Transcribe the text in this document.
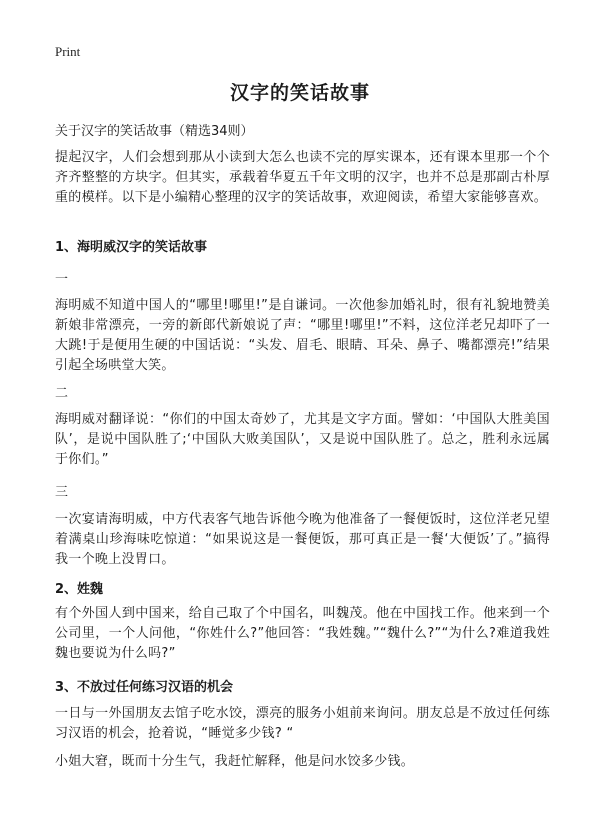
Print
汉字的笑话故事
关于汉字的笑话故事（精选34则）

提起汉字，人们会想到那从小读到大怎么也读不完的厚实课本，还有课本里那一个个齐齐整整的方块字。但其实，承载着华夏五千年文明的汉字，也并不总是那副古朴厚重的模样。以下是小编精心整理的汉字的笑话故事，欢迎阅读，希望大家能够喜欢。

1、海明威汉字的笑话故事
一

海明威不知道中国人的“哪里!哪里!”是自谦词。一次他参加婚礼时，很有礼貌地赞美新娘非常漂亮，一旁的新郎代新娘说了声：“哪里!哪里!”不料，这位洋老兄却吓了一大跳!于是便用生硬的中国话说：“头发、眉毛、眼睛、耳朵、鼻子、嘴都漂亮!”结果引起全场哄堂大笑。

二

海明威对翻译说：“你们的中国太奇妙了，尤其是文字方面。譬如：‘中国队大胜美国队’，是说中国队胜了;‘中国队大败美国队’，又是说中国队胜了。总之，胜利永远属于你们。”

三

一次宴请海明威，中方代表客气地告诉他今晚为他准备了一餐便饭时，这位洋老兄望着满桌山珍海味吃惊道：“如果说这是一餐便饭，那可真正是一餐‘大便饭’了。”搞得我一个晚上没胃口。

2、姓魏

有个外国人到中国来，给自己取了个中国名，叫魏茂。他在中国找工作。他来到一个公司里，一个人问他，“你姓什么?”他回答：“我姓魏。”“魏什么?”“为什么?难道我姓魏也要说为什么吗?”

3、不放过任何练习汉语的机会

一日与一外国朋友去馆子吃水饺，漂亮的服务小姐前来询问。朋友总是不放过任何练习汉语的机会，抢着说，“睡觉多少钱? “

小姐大窘，既而十分生气，我赶忙解释，他是问水饺多少钱。
